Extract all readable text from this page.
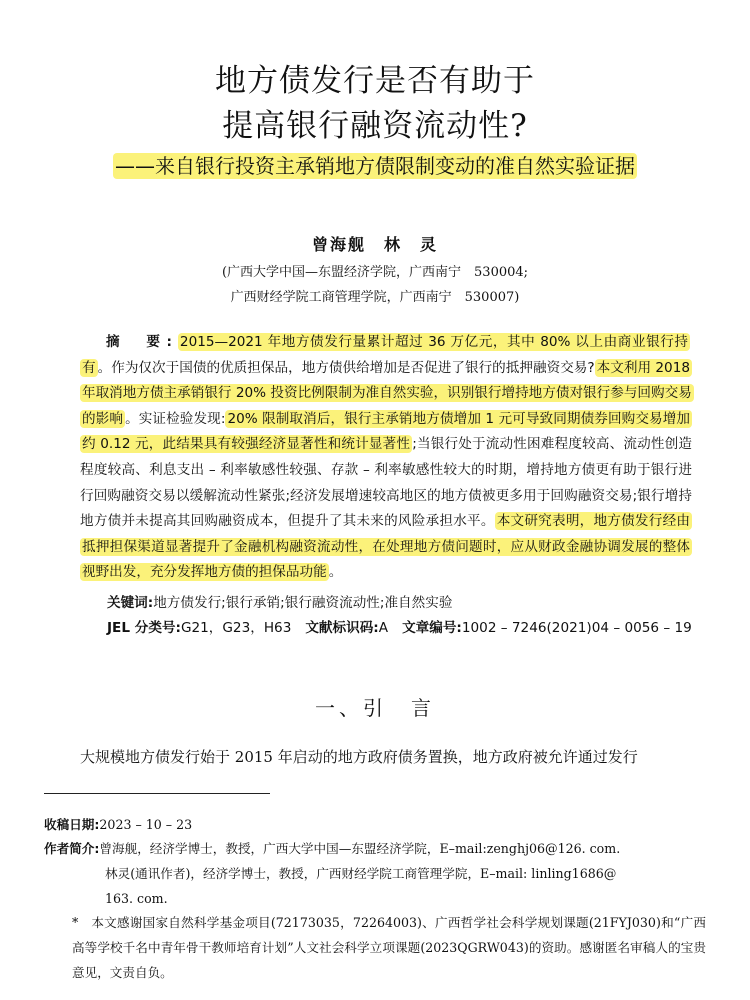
地方债发行是否有助于
提高银行融资流动性?
——来自银行投资主承销地方债限制变动的准自然实验证据
曾海舰　林　灵
(广西大学中国—东盟经济学院，广西南宁　530004;
广西财经学院工商管理学院，广西南宁　530007)
摘　要: 2015—2021 年地方债发行量累计超过 36 万亿元，其中 80% 以上由商业银行持有 。作为仅次于国债的优质担保品，地方债供给增加是否促进了银行的抵押融资交易? 本文利用 2018 年取消地方债主承销银行 20% 投资比例限制为准自然实验，识别银行增持地方债对银行参与回购交易的影响 。实证检验发现: 20% 限制取消后，银行主承销地方债增加 1 元可导致同期债券回购交易增加约 0.12 元，此结果具有较强经济显著性和统计显著性 ;当银行处于流动性困难程度较高、流动性创造程度较高、利息支出 – 利率敏感性较强、存款 – 利率敏感性较大的时期，增持地方债更有助于银行进行回购融资交易以缓解流动性紧张;经济发展增速较高地区的地方债被更多用于回购融资交易;银行增持地方债并未提高其回购融资成本，但提升了其未来的风险承担水平。 本文研究表明，地方债发行经由抵押担保渠道显著提升了金融机构融资流动性，在处理地方债问题时，应从财政金融协调发展的整体视野出发，充分发挥地方债的担保品功能 。
关键词:地方债发行;银行承销;银行融资流动性;准自然实验
JEL 分类号:G21，G23，H63 文献标识码:A 文章编号:1002 – 7246(2021)04 – 0056 – 19
一、引　言
大规模地方债发行始于 2015 年启动的地方政府债务置换，地方政府被允许通过发行
收稿日期:2023 – 10 – 23
作者简介:曾海舰，经济学博士，教授，广西大学中国—东盟经济学院，E–mail:zenghj06@126. com.
林灵(通讯作者)，经济学博士，教授，广西财经学院工商管理学院，E–mail: linling1686@
163. com.
*　本文感谢国家自然科学基金项目(72173035，72264003)、广西哲学社会科学规划课题(21FYJ030)和“广西高等学校千名中青年骨干教师培育计划”人文社会科学立项课题(2023QGRW043)的资助。感谢匿名审稿人的宝贵意见，文责自负。
